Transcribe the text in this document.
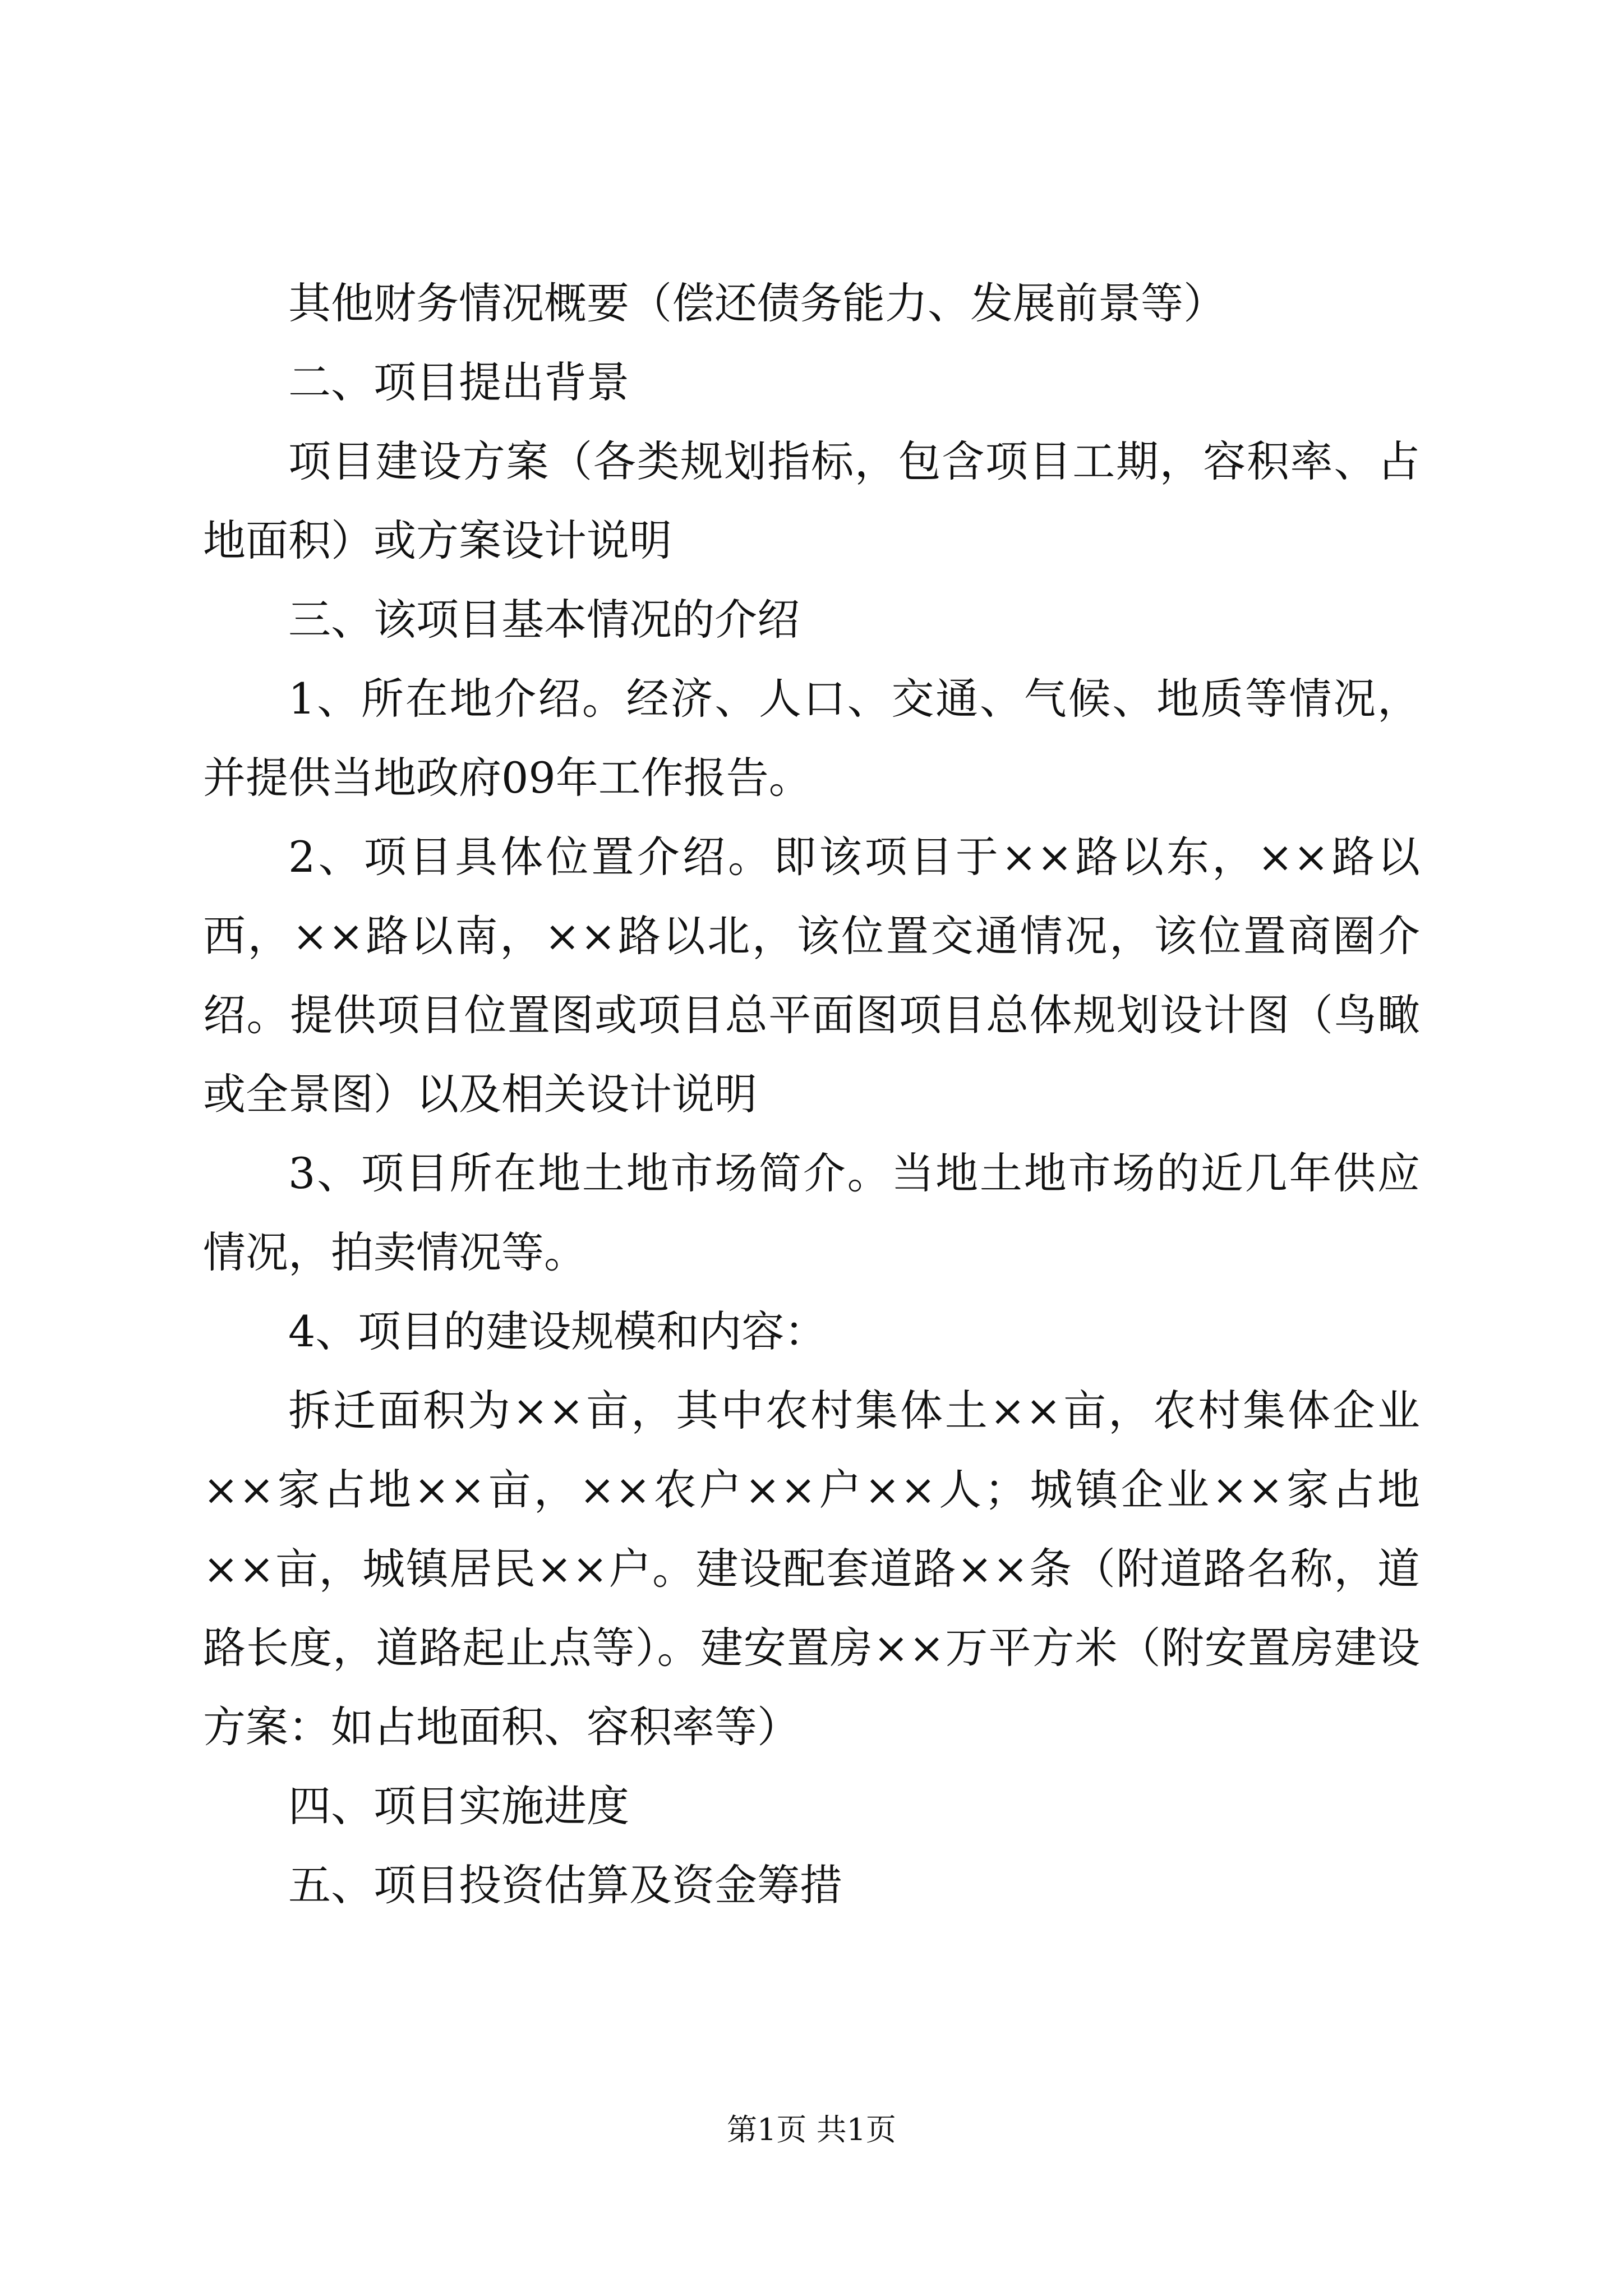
其他财务情况概要（偿还债务能力、发展前景等）

二、项目提出背景

项目建设方案（各类规划指标，包含项目工期，容积率、占地面积）或方案设计说明

三、该项目基本情况的介绍

1、所在地介绍。经济、人口、交通、气候、地质等情况，并提供当地政府09年工作报告。

2、项目具体位置介绍。即该项目于××路以东，××路以西，××路以南，××路以北，该位置交通情况，该位置商圈介绍。提供项目位置图或项目总平面图项目总体规划设计图（鸟瞰或全景图）以及相关设计说明

3、项目所在地土地市场简介。当地土地市场的近几年供应情况，拍卖情况等。

4、项目的建设规模和内容：

拆迁面积为××亩，其中农村集体土××亩，农村集体企业××家占地××亩，××农户××户××人；城镇企业××家占地××亩，城镇居民××户。建设配套道路××条（附道路名称，道路长度，道路起止点等）。建安置房××万平方米（附安置房建设方案：如占地面积、容积率等）

四、项目实施进度

五、项目投资估算及资金筹措

第1页 共1页
